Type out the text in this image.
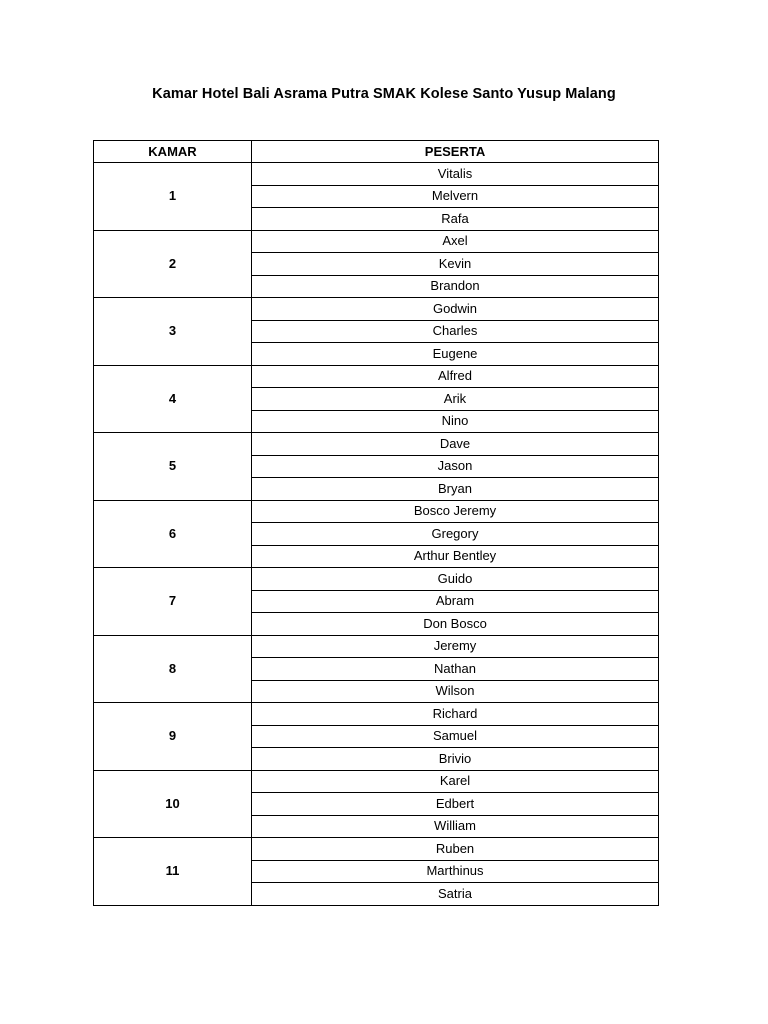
Kamar Hotel Bali Asrama Putra SMAK Kolese Santo Yusup Malang
KAMAR	PESERTA
1	Vitalis
	Melvern
	Rafa
2	Axel
	Kevin
	Brandon
3	Godwin
	Charles
	Eugene
4	Alfred
	Arik
	Nino
5	Dave
	Jason
	Bryan
6	Bosco Jeremy
	Gregory
	Arthur Bentley
7	Guido
	Abram
	Don Bosco
8	Jeremy
	Nathan
	Wilson
9	Richard
	Samuel
	Brivio
10	Karel
	Edbert
	William
11	Ruben
	Marthinus
	Satria
